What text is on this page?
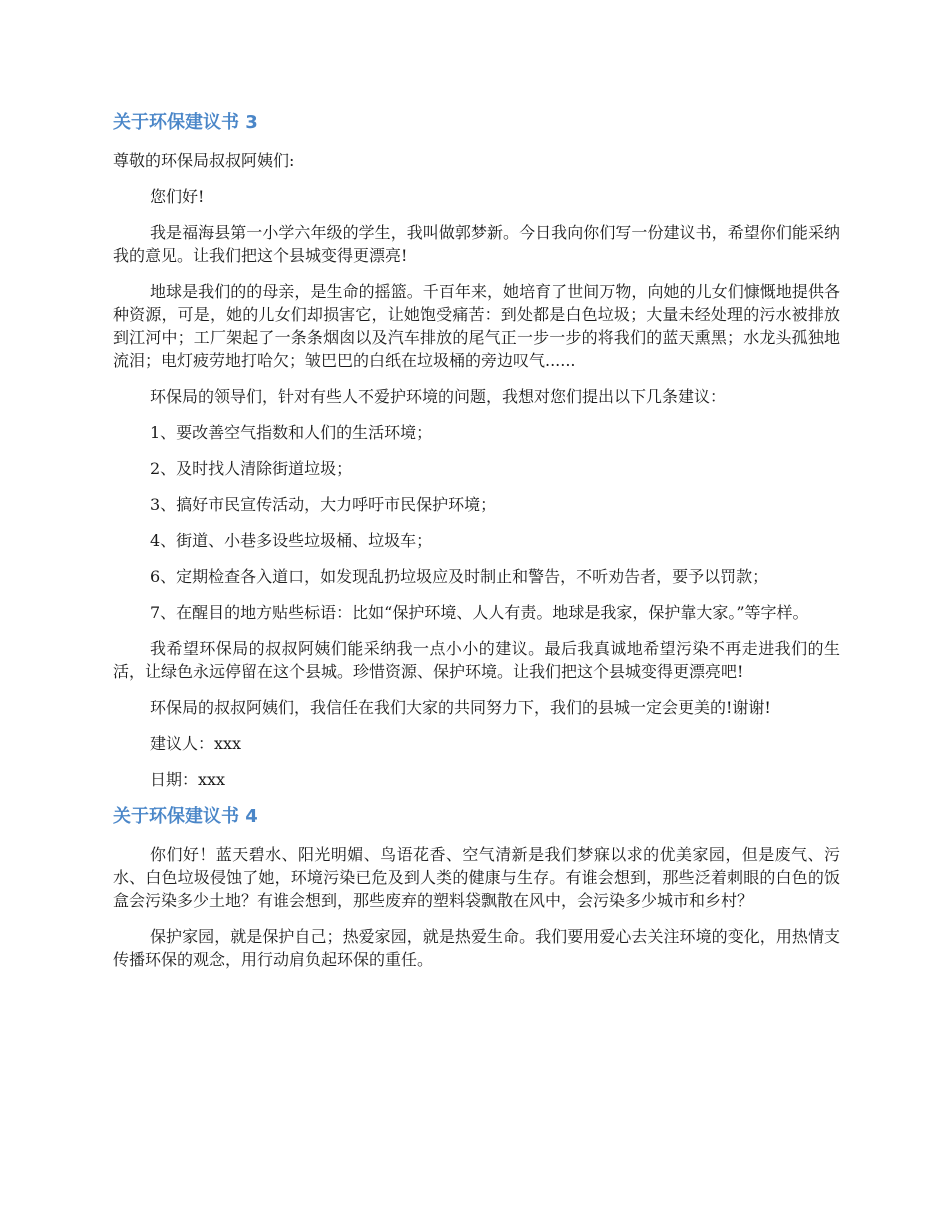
关于环保建议书 3

尊敬的环保局叔叔阿姨们:

您们好!

我是福海县第一小学六年级的学生，我叫做郭梦新。今日我向你们写一份建议书，希望你们能采纳我的意见。让我们把这个县城变得更漂亮!

地球是我们的的母亲，是生命的摇篮。千百年来，她培育了世间万物，向她的儿女们慷慨地提供各种资源，可是，她的儿女们却损害它，让她饱受痛苦：到处都是白色垃圾；大量未经处理的污水被排放到江河中；工厂架起了一条条烟囱以及汽车排放的尾气正一步一步的将我们的蓝天熏黑；水龙头孤独地流泪；电灯疲劳地打哈欠；皱巴巴的白纸在垃圾桶的旁边叹气......

环保局的领导们，针对有些人不爱护环境的问题，我想对您们提出以下几条建议：

1、要改善空气指数和人们的生活环境；

2、及时找人清除街道垃圾；

3、搞好市民宣传活动，大力呼吁市民保护环境；

4、街道、小巷多设些垃圾桶、垃圾车；

6、定期检查各入道口，如发现乱扔垃圾应及时制止和警告，不听劝告者，要予以罚款；

7、在醒目的地方贴些标语：比如“保护环境、人人有责。地球是我家，保护靠大家。”等字样。

我希望环保局的叔叔阿姨们能采纳我一点小小的建议。最后我真诚地希望污染不再走进我们的生活，让绿色永远停留在这个县城。珍惜资源、保护环境。让我们把这个县城变得更漂亮吧!

环保局的叔叔阿姨们，我信任在我们大家的共同努力下，我们的县城一定会更美的!谢谢!

建议人：xxx

日期：xxx

关于环保建议书 4

你们好！蓝天碧水、阳光明媚、鸟语花香、空气清新是我们梦寐以求的优美家园，但是废气、污水、白色垃圾侵蚀了她，环境污染已危及到人类的健康与生存。有谁会想到，那些泛着刺眼的白色的饭盒会污染多少土地？有谁会想到，那些废弃的塑料袋飘散在风中，会污染多少城市和乡村？

保护家园，就是保护自己；热爱家园，就是热爱生命。我们要用爱心去关注环境的变化，用热情支传播环保的观念，用行动肩负起环保的重任。
